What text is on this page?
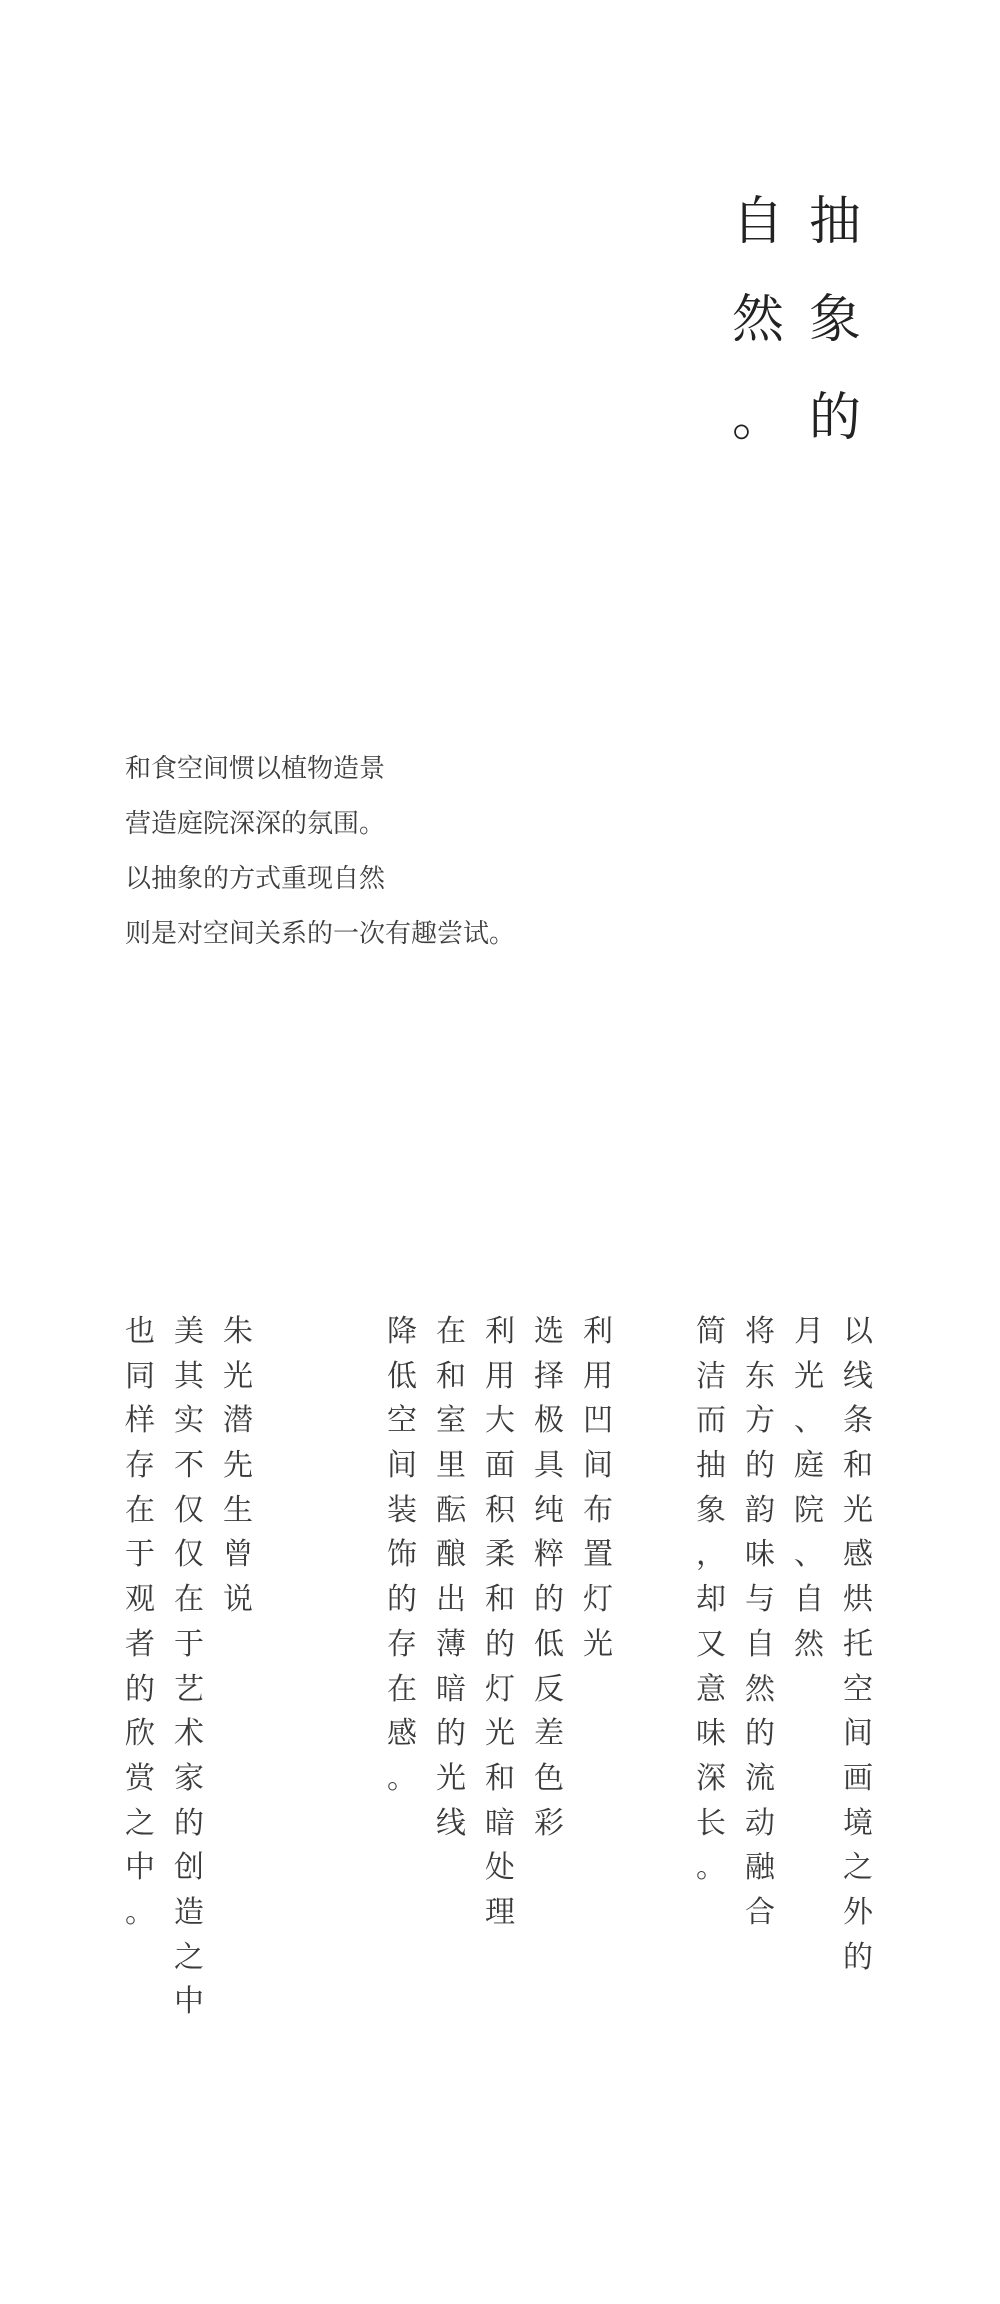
抽
象
的
自
然
。
和食空间惯以植物造景
营造庭院深深的氛围。
以抽象的方式重现自然
则是对空间关系的一次有趣尝试。
以
线
条
和
光
感
烘
托
空
间
画
境
之
外
的
月
光
、
庭
院
、
自
然
将
东
方
的
韵
味
与
自
然
的
流
动
融
合
简
洁
而
抽
象
，
却
又
意
味
深
长
。
利
用
凹
间
布
置
灯
光
选
择
极
具
纯
粹
的
低
反
差
色
彩
利
用
大
面
积
柔
和
的
灯
光
和
暗
处
理
在
和
室
里
酝
酿
出
薄
暗
的
光
线
降
低
空
间
装
饰
的
存
在
感
。
朱
光
潜
先
生
曾
说
美
其
实
不
仅
仅
在
于
艺
术
家
的
创
造
之
中
也
同
样
存
在
于
观
者
的
欣
赏
之
中
。
